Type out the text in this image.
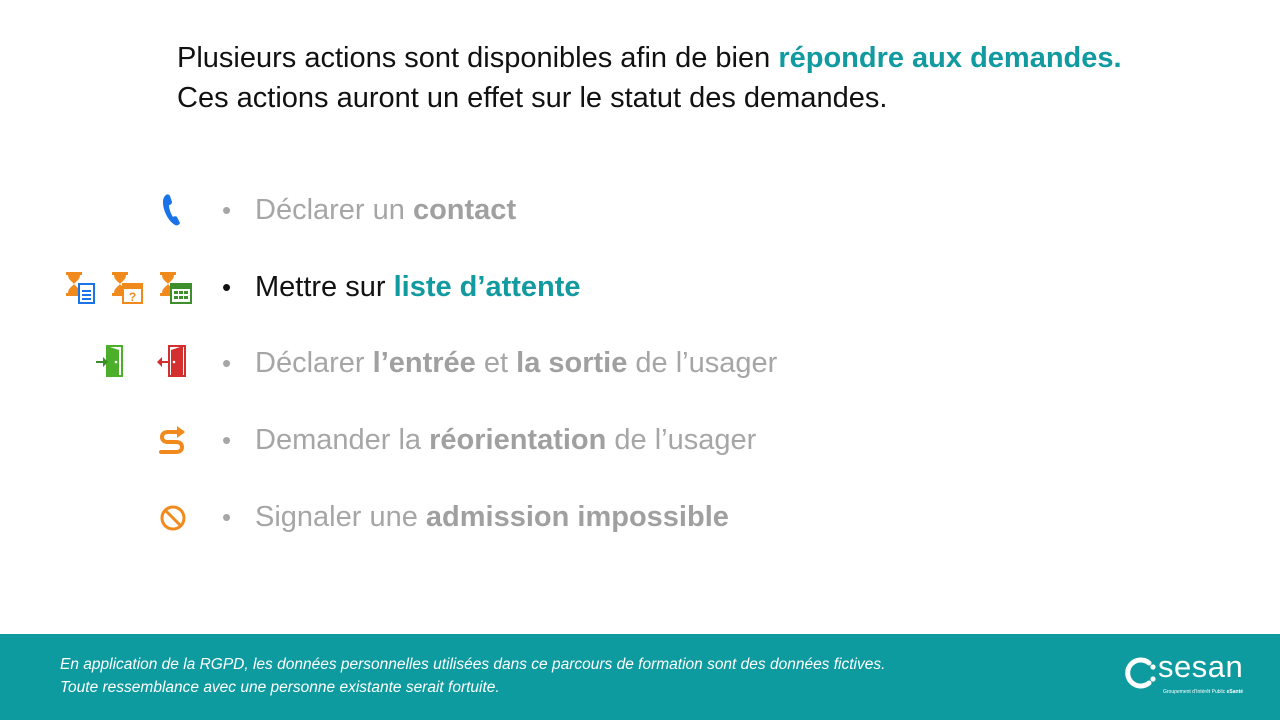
Plusieurs actions sont disponibles afin de bien répondre aux demandes.
Ces actions auront un effet sur le statut des demandes.
• Déclarer un contact
?	• Mettre sur liste d’attente
• Déclarer l’entrée et la sortie de l’usager
• Demander la réorientation de l’usager
• Signaler une admission impossible
En application de la RGPD, les données personnelles utilisées dans ce parcours de formation sont des données fictives.
Toute ressemblance avec une personne existante serait fortuite.
sesan
Groupement d’Intérêt Public eSanté
